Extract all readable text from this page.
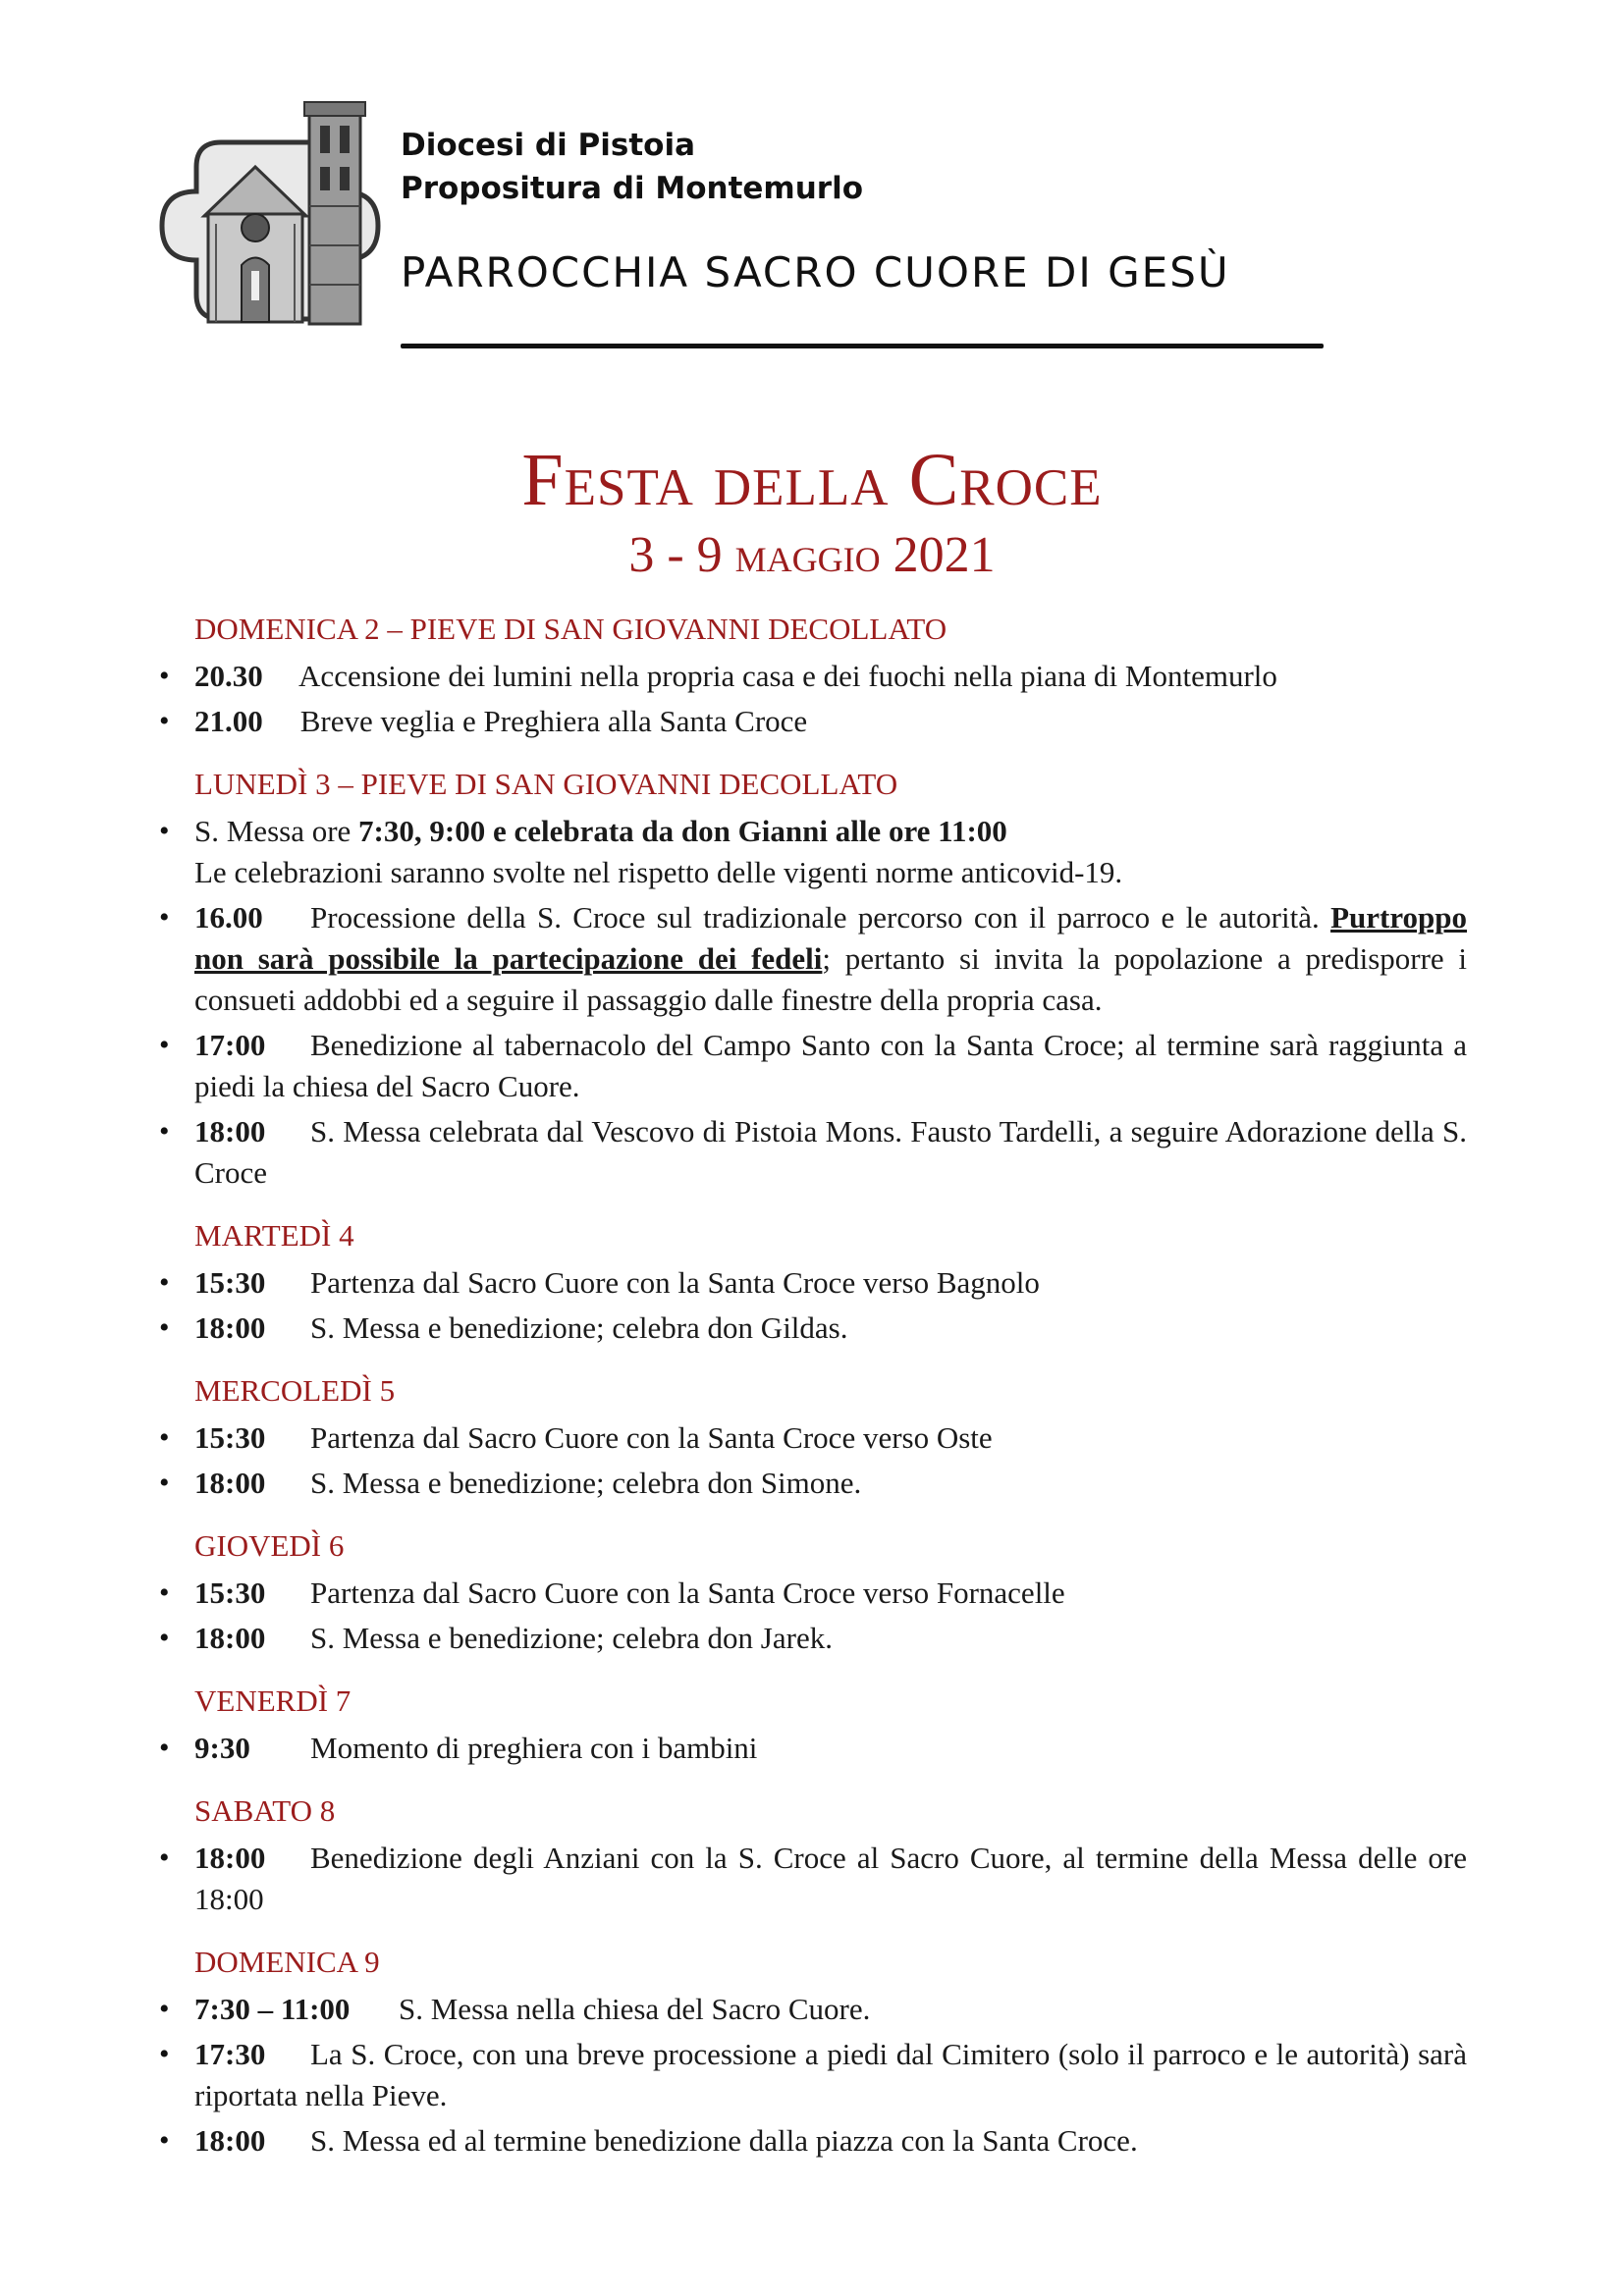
Diocesi di Pistoia
Propositura di Montemurlo
PARROCCHIA SACRO CUORE DI GESÙ
Festa della Croce
3 - 9 maggio 2021
DOMENICA 2 – PIEVE DI SAN GIOVANNI DECOLLATO
• 20.30 Accensione dei lumini nella propria casa e dei fuochi nella piana di Montemurlo
• 21.00 Breve veglia e Preghiera alla Santa Croce
LUNEDÌ 3 – PIEVE DI SAN GIOVANNI DECOLLATO
• S. Messa ore 7:30, 9:00 e celebrata da don Gianni alle ore 11:00
Le celebrazioni saranno svolte nel rispetto delle vigenti norme anticovid-19.
• 16.00 Processione della S. Croce sul tradizionale percorso con il parroco e le autorità. Purtroppo non sarà possibile la partecipazione dei fedeli; pertanto si invita la popolazione a predisporre i consueti addobbi ed a seguire il passaggio dalle finestre della propria casa.
• 17:00 Benedizione al tabernacolo del Campo Santo con la Santa Croce; al termine sarà raggiunta a piedi la chiesa del Sacro Cuore.
• 18:00 S. Messa celebrata dal Vescovo di Pistoia Mons. Fausto Tardelli, a seguire Adorazione della S. Croce
MARTEDÌ 4
• 15:30 Partenza dal Sacro Cuore con la Santa Croce verso Bagnolo
• 18:00 S. Messa e benedizione; celebra don Gildas.
MERCOLEDÌ 5
• 15:30 Partenza dal Sacro Cuore con la Santa Croce verso Oste
• 18:00 S. Messa e benedizione; celebra don Simone.
GIOVEDÌ 6
• 15:30 Partenza dal Sacro Cuore con la Santa Croce verso Fornacelle
• 18:00 S. Messa e benedizione; celebra don Jarek.
VENERDÌ 7
• 9:30 Momento di preghiera con i bambini
SABATO 8
• 18:00 Benedizione degli Anziani con la S. Croce al Sacro Cuore, al termine della Messa delle ore 18:00
DOMENICA 9
• 7:30 – 11:00 S. Messa nella chiesa del Sacro Cuore.
• 17:30 La S. Croce, con una breve processione a piedi dal Cimitero (solo il parroco e le autorità) sarà riportata nella Pieve.
• 18:00 S. Messa ed al termine benedizione dalla piazza con la Santa Croce.
